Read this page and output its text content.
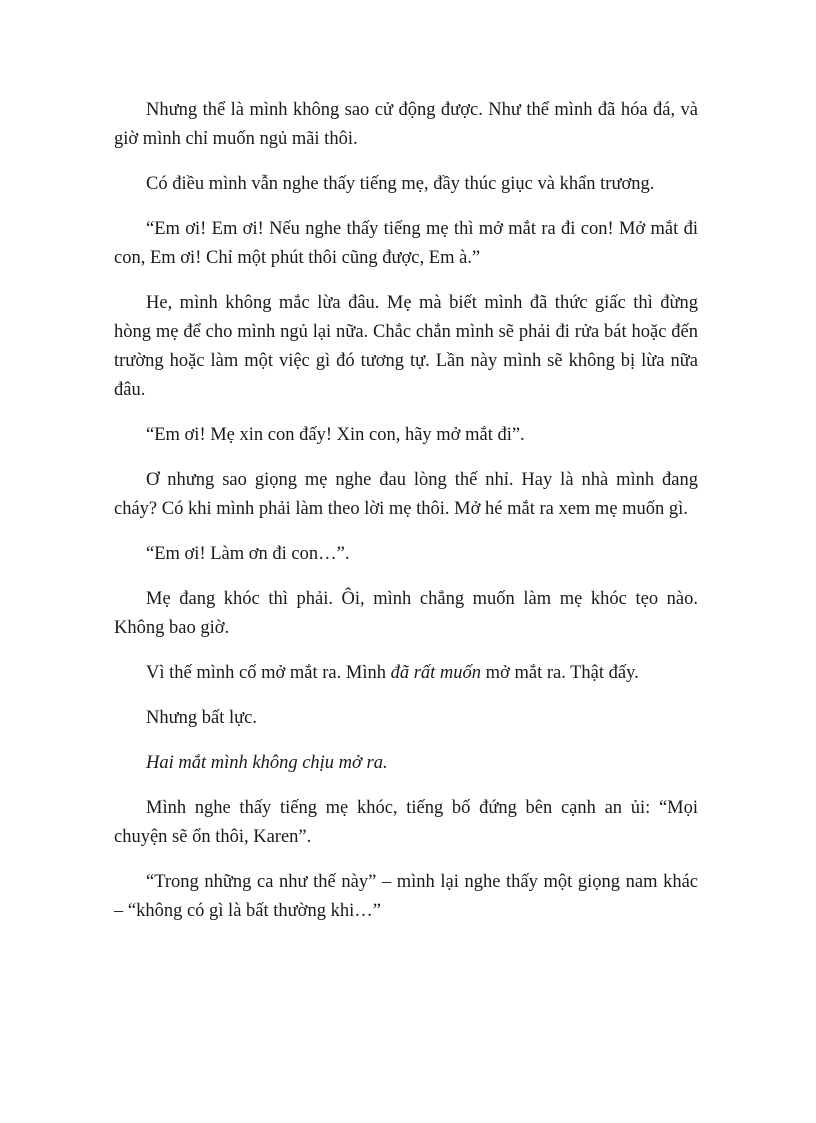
Nhưng thể là mình không sao cử động được. Như thể mình đã hóa đá, và giờ mình chỉ muốn ngủ mãi thôi.

Có điều mình vẫn nghe thấy tiếng mẹ, đầy thúc giục và khẩn trương.

“Em ơi! Em ơi! Nếu nghe thấy tiếng mẹ thì mở mắt ra đi con! Mở mắt đi con, Em ơi! Chỉ một phút thôi cũng được, Em à.”

He, mình không mắc lừa đâu. Mẹ mà biết mình đã thức giấc thì đừng hòng mẹ để cho mình ngủ lại nữa. Chắc chắn mình sẽ phải đi rửa bát hoặc đến trường hoặc làm một việc gì đó tương tự. Lần này mình sẽ không bị lừa nữa đâu.

“Em ơi! Mẹ xin con đấy! Xin con, hãy mở mắt đi”.

Ơ nhưng sao giọng mẹ nghe đau lòng thế nhỉ. Hay là nhà mình đang cháy? Có khi mình phải làm theo lời mẹ thôi. Mở hé mắt ra xem mẹ muốn gì.

“Em ơi! Làm ơn đi con…”.

Mẹ đang khóc thì phải. Ôi, mình chẳng muốn làm mẹ khóc tẹo nào. Không bao giờ.

Vì thế mình cố mở mắt ra. Mình đã rất muốn mở mắt ra. Thật đấy.

Nhưng bất lực.

Hai mắt mình không chịu mở ra.

Mình nghe thấy tiếng mẹ khóc, tiếng bố đứng bên cạnh an ủi: “Mọi chuyện sẽ ổn thôi, Karen”.

“Trong những ca như thế này” – mình lại nghe thấy một giọng nam khác – “không có gì là bất thường khi…”
